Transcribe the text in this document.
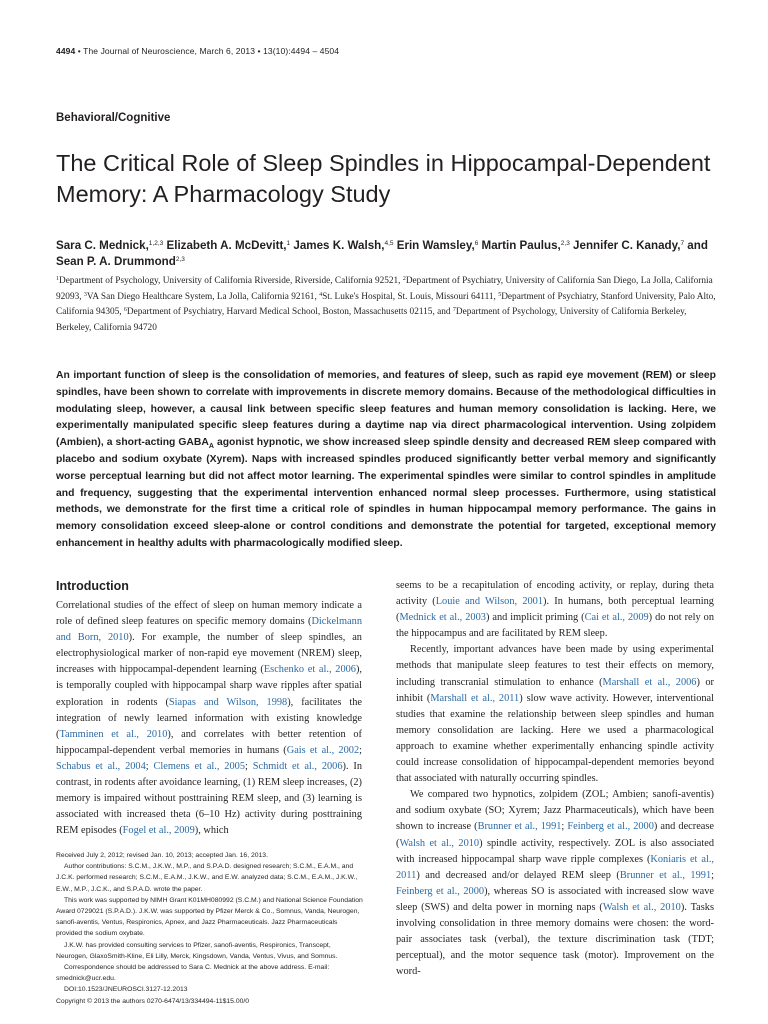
4494 • The Journal of Neuroscience, March 6, 2013 • 13(10):4494 – 4504
Behavioral/Cognitive
The Critical Role of Sleep Spindles in Hippocampal-Dependent Memory: A Pharmacology Study
Sara C. Mednick,$^{1,2,3}$ Elizabeth A. McDevitt,$^1$ James K. Walsh,$^{4,5}$ Erin Wamsley,$^6$ Martin Paulus,$^{2,3}$ Jennifer C. Kanady,$^7$ and Sean P. A. Drummond$^{2,3}$
$^1$Department of Psychology, University of California Riverside, Riverside, California 92521, $^2$Department of Psychiatry, University of California San Diego, La Jolla, California 92093, $^3$VA San Diego Healthcare System, La Jolla, California 92161, $^4$St. Luke's Hospital, St. Louis, Missouri 64111, $^5$Department of Psychiatry, Stanford University, Palo Alto, California 94305, $^6$Department of Psychiatry, Harvard Medical School, Boston, Massachusetts 02115, and $^7$Department of Psychology, University of California Berkeley, Berkeley, California 94720
An important function of sleep is the consolidation of memories, and features of sleep, such as rapid eye movement (REM) or sleep spindles, have been shown to correlate with improvements in discrete memory domains. Because of the methodological difficulties in modulating sleep, however, a causal link between specific sleep features and human memory consolidation is lacking. Here, we experimentally manipulated specific sleep features during a daytime nap via direct pharmacological intervention. Using zolpidem (Ambien), a short-acting $GABA_A$ agonist hypnotic, we show increased sleep spindle density and decreased REM sleep compared with placebo and sodium oxybate (Xyrem). Naps with increased spindles produced significantly better verbal memory and significantly worse perceptual learning but did not affect motor learning. The experimental spindles were similar to control spindles in amplitude and frequency, suggesting that the experimental intervention enhanced normal sleep processes. Furthermore, using statistical methods, we demonstrate for the first time a critical role of spindles in human hippocampal memory performance. The gains in memory consolidation exceed sleep-alone or control conditions and demonstrate the potential for targeted, exceptional memory enhancement in healthy adults with pharmacologically modified sleep.
Introduction

Correlational studies of the effect of sleep on human memory indicate a role of defined sleep features on specific memory domains (Dickelmann and Born, 2010). For example, the number of sleep spindles, an electrophysiological marker of non-rapid eye movement (NREM) sleep, increases with hippocampal-dependent learning (Eschenko et al., 2006), is temporally coupled with hippocampal sharp wave ripples after spatial exploration in rodents (Siapas and Wilson, 1998), facilitates the integration of newly learned information with existing knowledge (Tamminen et al., 2010), and correlates with better retention of hippocampal-dependent verbal memories in humans (Gais et al., 2002; Schabus et al., 2004; Clemens et al., 2005; Schmidt et al., 2006). In contrast, in rodents after avoidance learning, (1) REM sleep increases, (2) memory is impaired without posttraining REM sleep, and (3) learning is associated with increased theta (6–10 Hz) activity during posttraining REM episodes (Fogel et al., 2009), which

seems to be a recapitulation of encoding activity, or replay, during theta activity (Louie and Wilson, 2001). In humans, both perceptual learning (Mednick et al., 2003) and implicit priming (Cai et al., 2009) do not rely on the hippocampus and are facilitated by REM sleep.

Recently, important advances have been made by using experimental methods that manipulate sleep features to test their effects on memory, including transcranial stimulation to enhance (Marshall et al., 2006) or inhibit (Marshall et al., 2011) slow wave activity. However, interventional studies that examine the relationship between sleep spindles and human memory consolidation are lacking. Here we used a pharmacological approach to examine whether experimentally enhancing spindle activity could increase consolidation of hippocampal-dependent memories beyond that associated with naturally occurring spindles.

We compared two hypnotics, zolpidem (ZOL; Ambien; sanofi-aventis) and sodium oxybate (SO; Xyrem; Jazz Pharmaceuticals), which have been shown to increase (Brunner et al., 1991; Feinberg et al., 2000) and decrease (Walsh et al., 2010) spindle activity, respectively. ZOL is also associated with increased hippocampal sharp wave ripple complexes (Koniaris et al., 2011) and decreased and/or delayed REM sleep (Brunner et al., 1991; Feinberg et al., 2000), whereas SO is associated with increased slow wave sleep (SWS) and delta power in morning naps (Walsh et al., 2010). Tasks involving consolidation in three memory domains were chosen: the word-pair associates task (verbal), the texture discrimination task (TDT; perceptual), and the motor sequence task (motor). Improvement on the word-

Received July 2, 2012; revised Jan. 10, 2013; accepted Jan. 16, 2013.

Author contributions: S.C.M., J.K.W., M.P., and S.P.A.D. designed research; S.C.M., E.A.M., and J.C.K. performed research; S.C.M., E.A.M., J.K.W., and E.W. analyzed data; S.C.M., E.A.M., J.K.W., E.W., M.P., J.C.K., and S.P.A.D. wrote the paper.

This work was supported by NIMH Grant K01MH080992 (S.C.M.) and National Science Foundation Award 0729021 (S.P.A.D.). J.K.W. was supported by Pfizer Merck & Co., Somnus, Vanda, Neurogen, sanofi-aventis, Ventus, Respironics, Apnex, and Jazz Pharmaceuticals. Jazz Pharmaceuticals provided the sodium oxybate.

J.K.W. has provided consulting services to Pfizer, sanofi-aventis, Respironics, Transcept, Neurogen, GlaxoSmith-Kline, Eli Lilly, Merck, Kingsdown, Vanda, Ventus, Vivus, and Somnus.

Correspondence should be addressed to Sara C. Mednick at the above address. E-mail: smednick@ucr.edu.

DOI:10.1523/JNEUROSCI.3127-12.2013

Copyright © 2013 the authors 0270-6474/13/334494-11$15.00/0
